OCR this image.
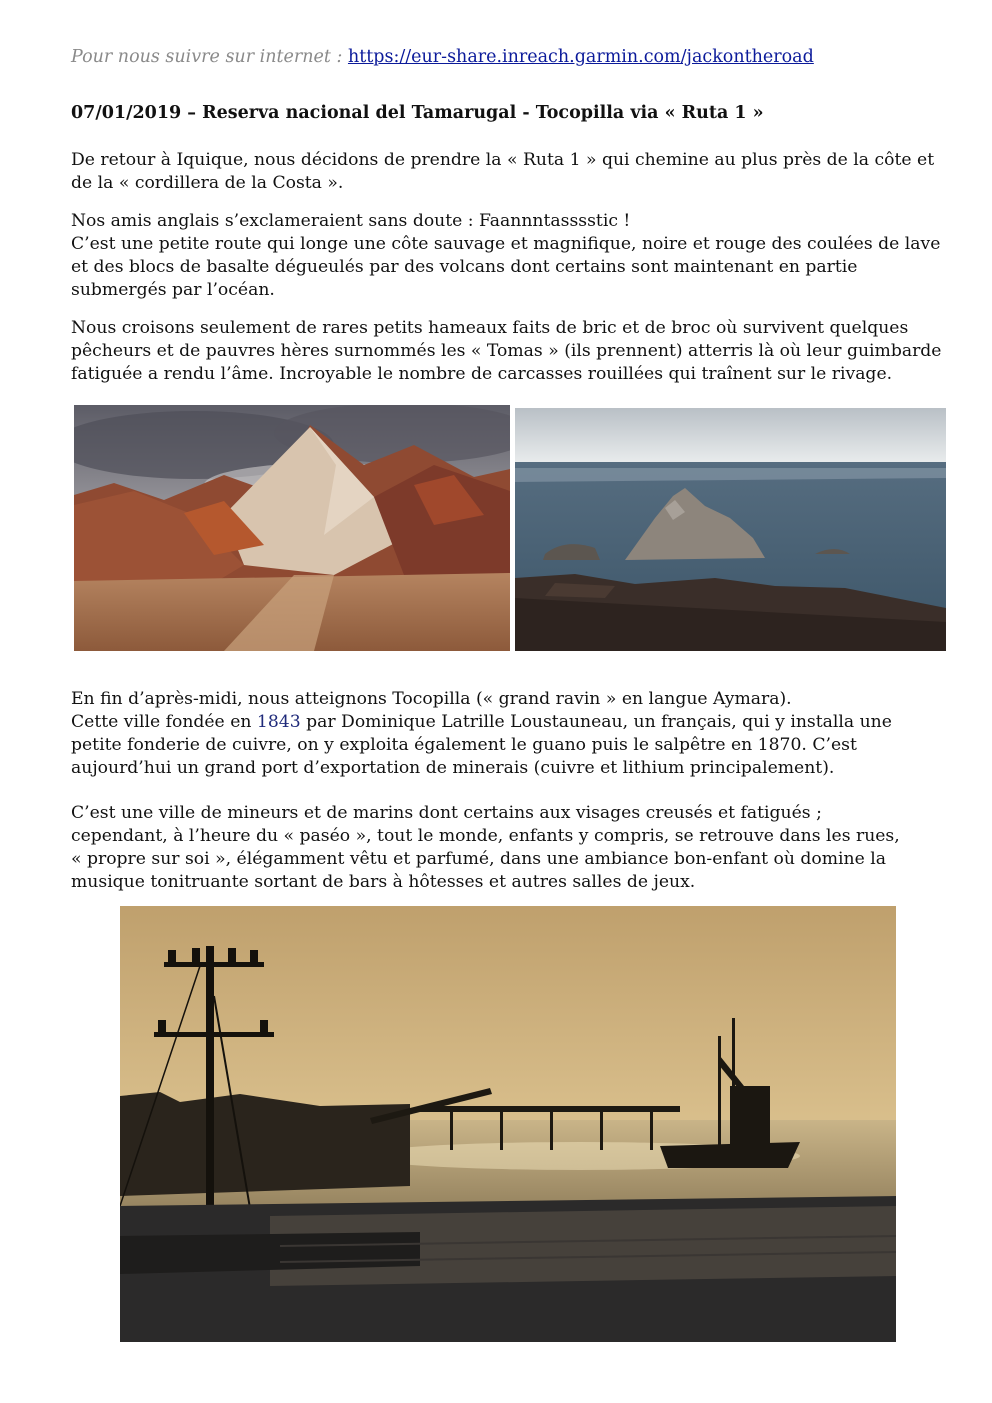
Pour nous suivre sur internet : https://eur-share.inreach.garmin.com/jackontheroad
07/01/2019 – Reserva nacional del Tamarugal - Tocopilla via « Ruta 1 »

De retour à Iquique, nous décidons de prendre la « Ruta 1 » qui chemine au plus près de la côte et
de la « cordillera de la Costa ».

Nos amis anglais s’exclameraient sans doute : Faannntasssstic !
C’est une petite route qui longe une côte sauvage et magnifique, noire et rouge des coulées de lave
et des blocs de basalte dégueulés par des volcans dont certains sont maintenant en partie
submergés par l’océan.

Nous croisons seulement de rares petits hameaux faits de bric et de broc où survivent quelques
pêcheurs et de pauvres hères surnommés les « Tomas » (ils prennent) atterris là où leur guimbarde
fatiguée a rendu l’âme. Incroyable le nombre de carcasses rouillées qui traînent sur le rivage.

En fin d’après-midi, nous atteignons Tocopilla (« grand ravin » en langue Aymara).
Cette ville fondée en 1843 par Dominique Latrille Loustauneau, un français, qui y installa une
petite fonderie de cuivre, on y exploita également le guano puis le salpêtre en 1870. C’est
aujourd’hui un grand port d’exportation de minerais (cuivre et lithium principalement).

C’est une ville de mineurs et de marins dont certains aux visages creusés et fatigués ;
cependant, à l’heure du « paséo », tout le monde, enfants y compris, se retrouve dans les rues,
« propre sur soi », élégamment vêtu et parfumé, dans une ambiance bon-enfant où domine la
musique tonitruante sortant de bars à hôtesses et autres salles de jeux.
